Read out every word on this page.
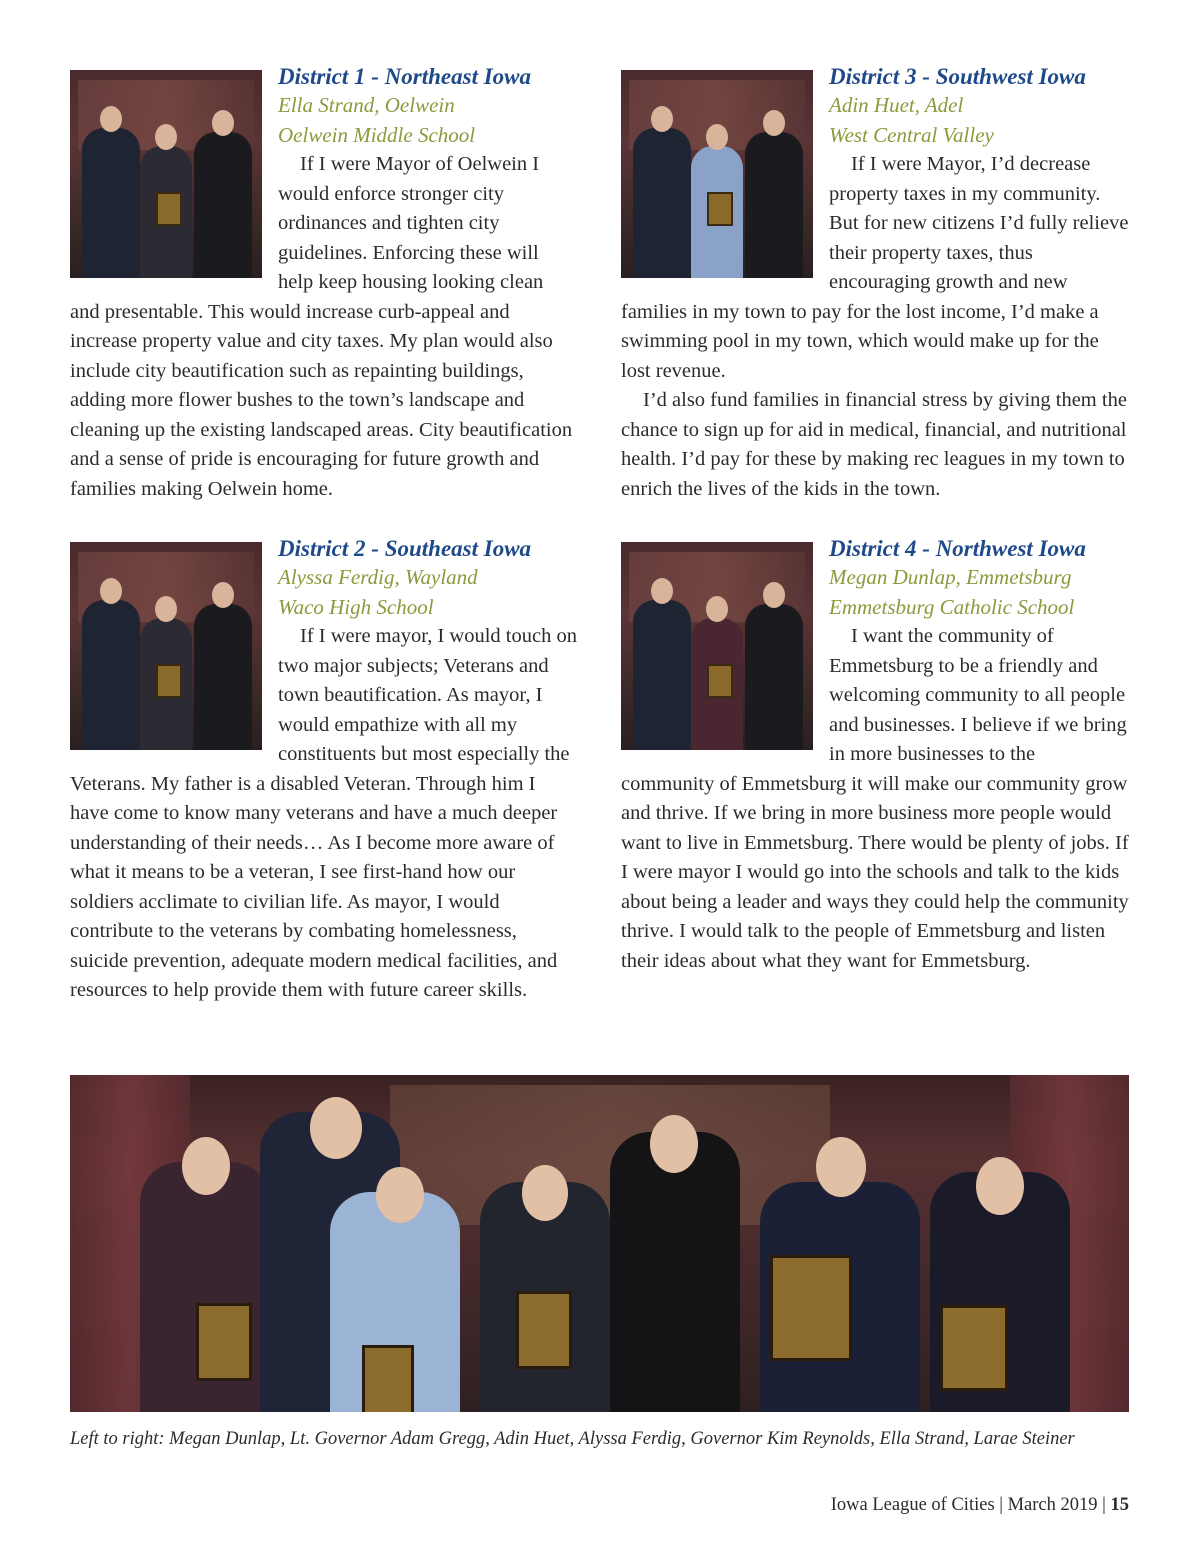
District 1 - Northeast Iowa

Ella Strand, Oelwein

Oelwein Middle School

If I were Mayor of Oelwein I would enforce stronger city ordinances and tighten city guidelines. Enforcing these will help keep housing looking clean and presentable. This would increase curb-appeal and increase property value and city taxes. My plan would also include city beautification such as repainting buildings, adding more flower bushes to the town’s landscape and cleaning up the existing landscaped areas. City beautification and a sense of pride is encouraging for future growth and families making Oelwein home.

District 2 - Southeast Iowa

Alyssa Ferdig, Wayland

Waco High School

If I were mayor, I would touch on two major subjects; Veterans and town beautification. As mayor, I would empathize with all my constituents but most especially the Veterans. My father is a disabled Veteran. Through him I have come to know many veterans and have a much deeper understanding of their needs… As I become more aware of what it means to be a veteran, I see first-hand how our soldiers acclimate to civilian life. As mayor, I would contribute to the veterans by combating homelessness, suicide prevention, adequate modern medical facilities, and resources to help provide them with future career skills.

District 3 - Southwest Iowa

Adin Huet, Adel

West Central Valley

If I were Mayor, I’d decrease property taxes in my community. But for new citizens I’d fully relieve their property taxes, thus encouraging growth and new families in my town to pay for the lost income, I’d make a swimming pool in my town, which would make up for the lost revenue.

I’d also fund families in financial stress by giving them the chance to sign up for aid in medical, financial, and nutritional health. I’d pay for these by making rec leagues in my town to enrich the lives of the kids in the town.

District 4 - Northwest Iowa

Megan Dunlap, Emmetsburg

Emmetsburg Catholic School

I want the community of Emmetsburg to be a friendly and welcoming community to all people and businesses. I believe if we bring in more businesses to the community of Emmetsburg it will make our community grow and thrive. If we bring in more business more people would want to live in Emmetsburg. There would be plenty of jobs. If I were mayor I would go into the schools and talk to the kids about being a leader and ways they could help the community thrive. I would talk to the people of Emmetsburg and listen their ideas about what they want for Emmetsburg.

Left to right: Megan Dunlap, Lt. Governor Adam Gregg, Adin Huet, Alyssa Ferdig, Governor Kim Reynolds, Ella Strand, Larae Steiner

Iowa League of Cities | March 2019 | 15
